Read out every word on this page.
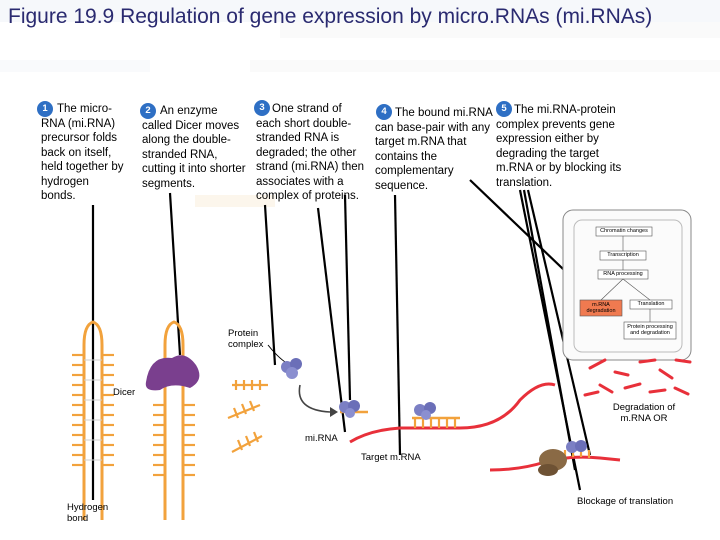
Figure 19.9 Regulation of gene expression by micro.RNAs (mi.RNAs)
The micro-RNA (mi.RNA) precursor folds back on itself, held together by hydrogen bonds.
An enzyme called Dicer moves along the double-stranded RNA, cutting it into shorter segments.
One strand of each short double-stranded RNA is degraded; the other strand (mi.RNA) then associates with a complex of proteins.
The bound mi.RNA can base-pair with any target m.RNA that contains the complementary sequence.
The mi.RNA-protein complex prevents gene expression either by degrading the target m.RNA or by blocking its translation.
1	2	3	4	5
Protein complex
Dicer
Degradation of m.RNA OR
mi.RNA
Target m.RNA
Hydrogen bond
Blockage of translation
Chromatin changes
Transcription
RNA processing
m.RNA degradation
Translation
Protein processing and degradation
